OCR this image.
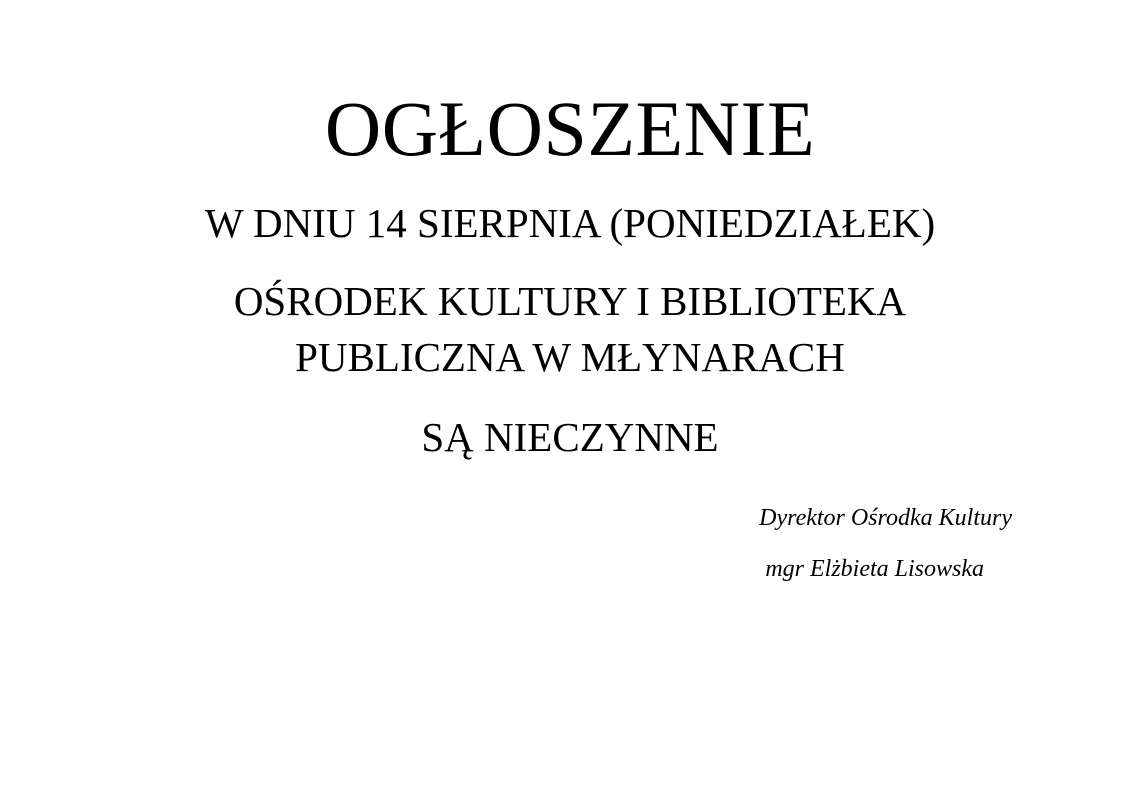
OGŁOSZENIE

W DNIU 14 SIERPNIA (PONIEDZIAŁEK)

OŚRODEK KULTURY I BIBLIOTEKA

PUBLICZNA W MŁYNARACH

SĄ NIECZYNNE

Dyrektor Ośrodka Kultury

mgr Elżbieta Lisowska
